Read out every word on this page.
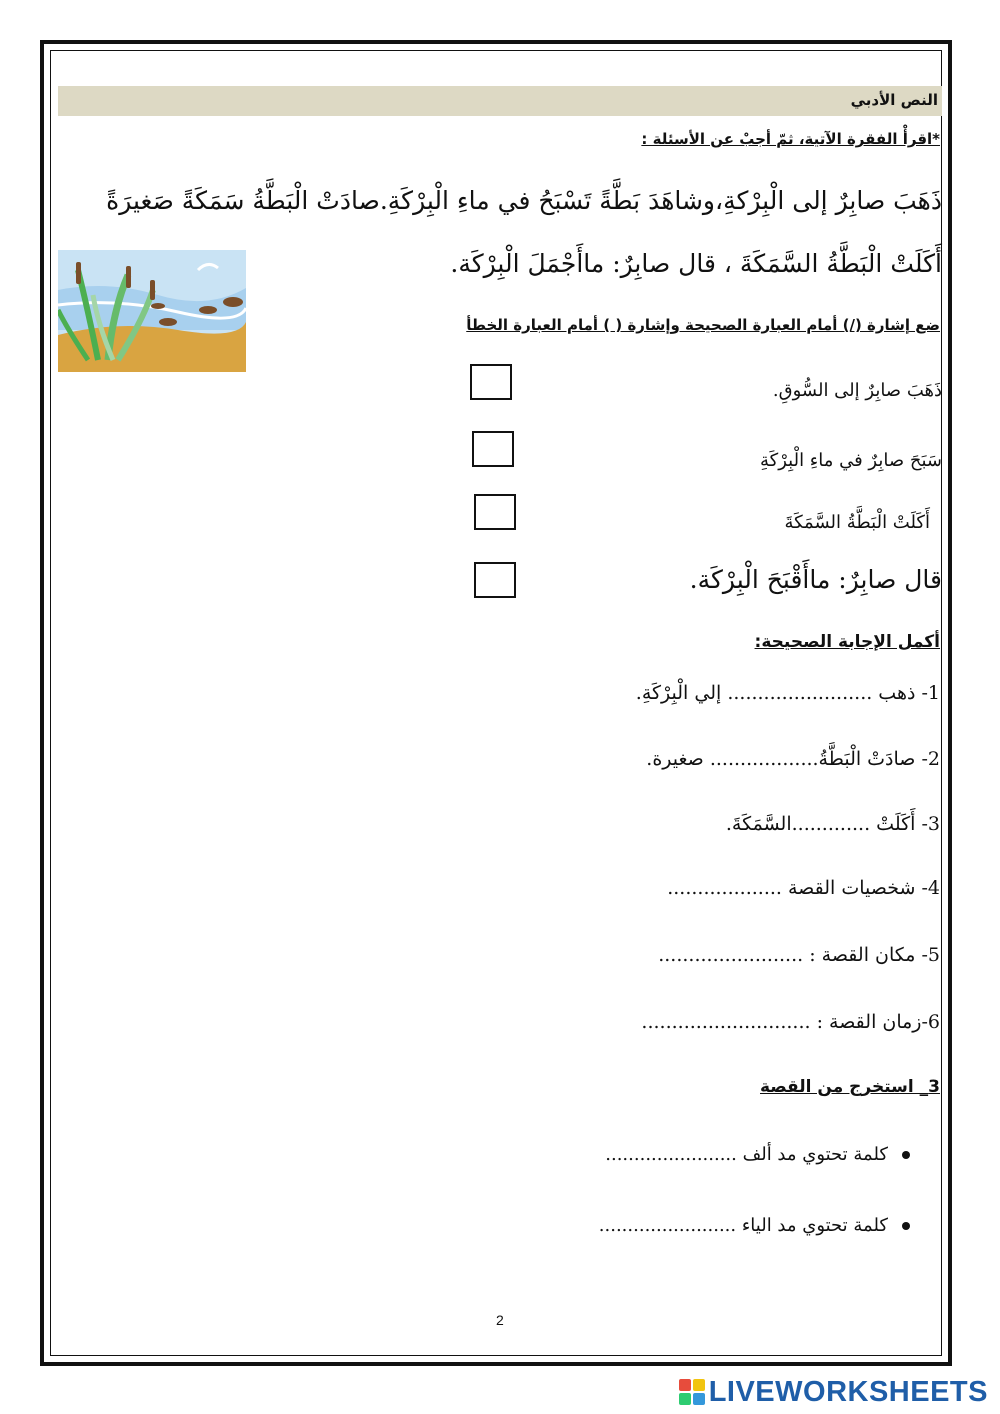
النص الأدبي
*اقرأْ الفقرة الآتية، ثمّ أجبْ عن الأسئلة :
ذَهَبَ صابِرٌ إلى الْبِرْكةِ،وشاهَدَ بَطَّةً تَسْبَحُ في ماءِ الْبِرْكَةِ.صادَتْ الْبَطَّةُ سَمَكَةً صَغيرَةً
أَكَلَتْ الْبَطَّةُ السَّمَكَةَ ، قال صابِرٌ: ماأَجْمَلَ الْبِرْكَة.
ضع إشارة (/) أمام العبارة الصحيحة وإشارة ( ) أمام العبارة الخطأ
ذَهَبَ صابِرٌ إلى السُّوقِ.
سَبَحَ صابِرٌ في ماءِ الْبِرْكَةِ
أَكَلَتْ الْبَطَّةُ السَّمَكَةَ
قال صابِرٌ: ماأَقْبَحَ الْبِرْكَة.
أكمل الإجابة الصحيحة:
1- ذهب ........................ إلي الْبِرْكَةِ.
2- صادَتْ الْبَطَّةُ.................. صغيرة.
3- أَكَلَتْ .............السَّمَكَةَ.
4- شخصيات القصة ...................
5- مكان القصة : ........................
6-زمان القصة : ............................
3_ استخرج من القصة
كلمة تحتوي مد ألف .......................
كلمة تحتوي مد الياء ........................
2
LIVEWORKSHEETS
